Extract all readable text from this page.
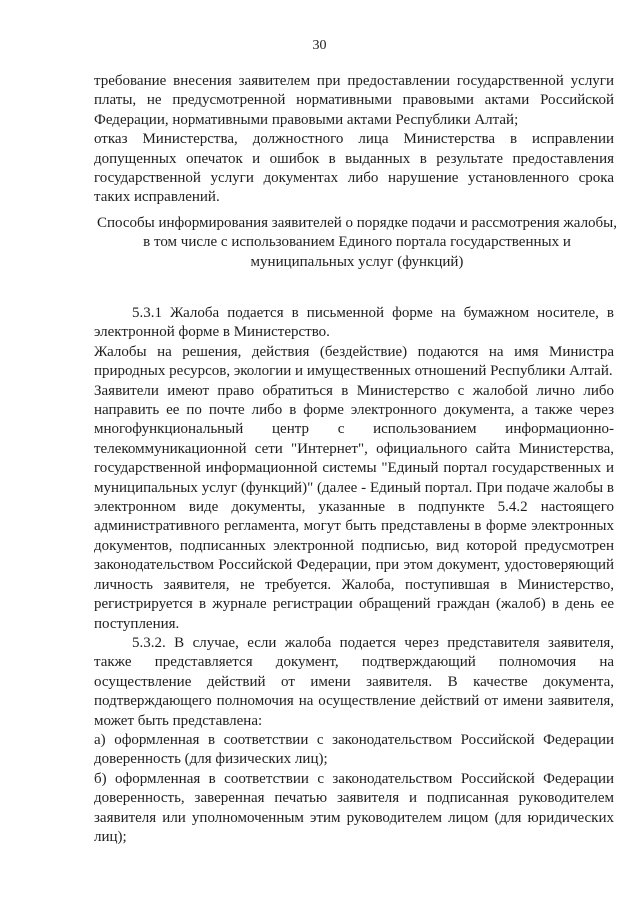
30

требование внесения заявителем при предоставлении государственной услуги платы, не предусмотренной нормативными правовыми актами Российской Федерации, нормативными правовыми актами Республики Алтай;

отказ Министерства, должностного лица Министерства в исправлении допущенных опечаток и ошибок в выданных в результате предоставления государственной услуги документах либо нарушение установленного срока таких исправлений.

Способы информирования заявителей о порядке подачи и рассмотрения жалобы, в том числе с использованием Единого портала государственных и муниципальных услуг (функций)

5.3.1 Жалоба подается в письменной форме на бумажном носителе, в электронной форме в Министерство.

Жалобы на решения, действия (бездействие) подаются на имя Министра природных ресурсов, экологии и имущественных отношений Республики Алтай.

Заявители имеют право обратиться в Министерство с жалобой лично либо направить ее по почте либо в форме электронного документа, а также через многофункциональный центр с использованием информационно-телекоммуникационной сети "Интернет", официального сайта Министерства, государственной информационной системы "Единый портал государственных и муниципальных услуг (функций)" (далее - Единый портал. При подаче жалобы в электронном виде документы, указанные в подпункте 5.4.2 настоящего административного регламента, могут быть представлены в форме электронных документов, подписанных электронной подписью, вид которой предусмотрен законодательством Российской Федерации, при этом документ, удостоверяющий личность заявителя, не требуется. Жалоба, поступившая в Министерство, регистрируется в журнале регистрации обращений граждан (жалоб) в день ее поступления.

5.3.2. В случае, если жалоба подается через представителя заявителя, также представляется документ, подтверждающий полномочия на осуществление действий от имени заявителя. В качестве документа, подтверждающего полномочия на осуществление действий от имени заявителя, может быть представлена:

а) оформленная в соответствии с законодательством Российской Федерации доверенность (для физических лиц);

б) оформленная в соответствии с законодательством Российской Федерации доверенность, заверенная печатью заявителя и подписанная руководителем заявителя или уполномоченным этим руководителем лицом (для юридических лиц);
